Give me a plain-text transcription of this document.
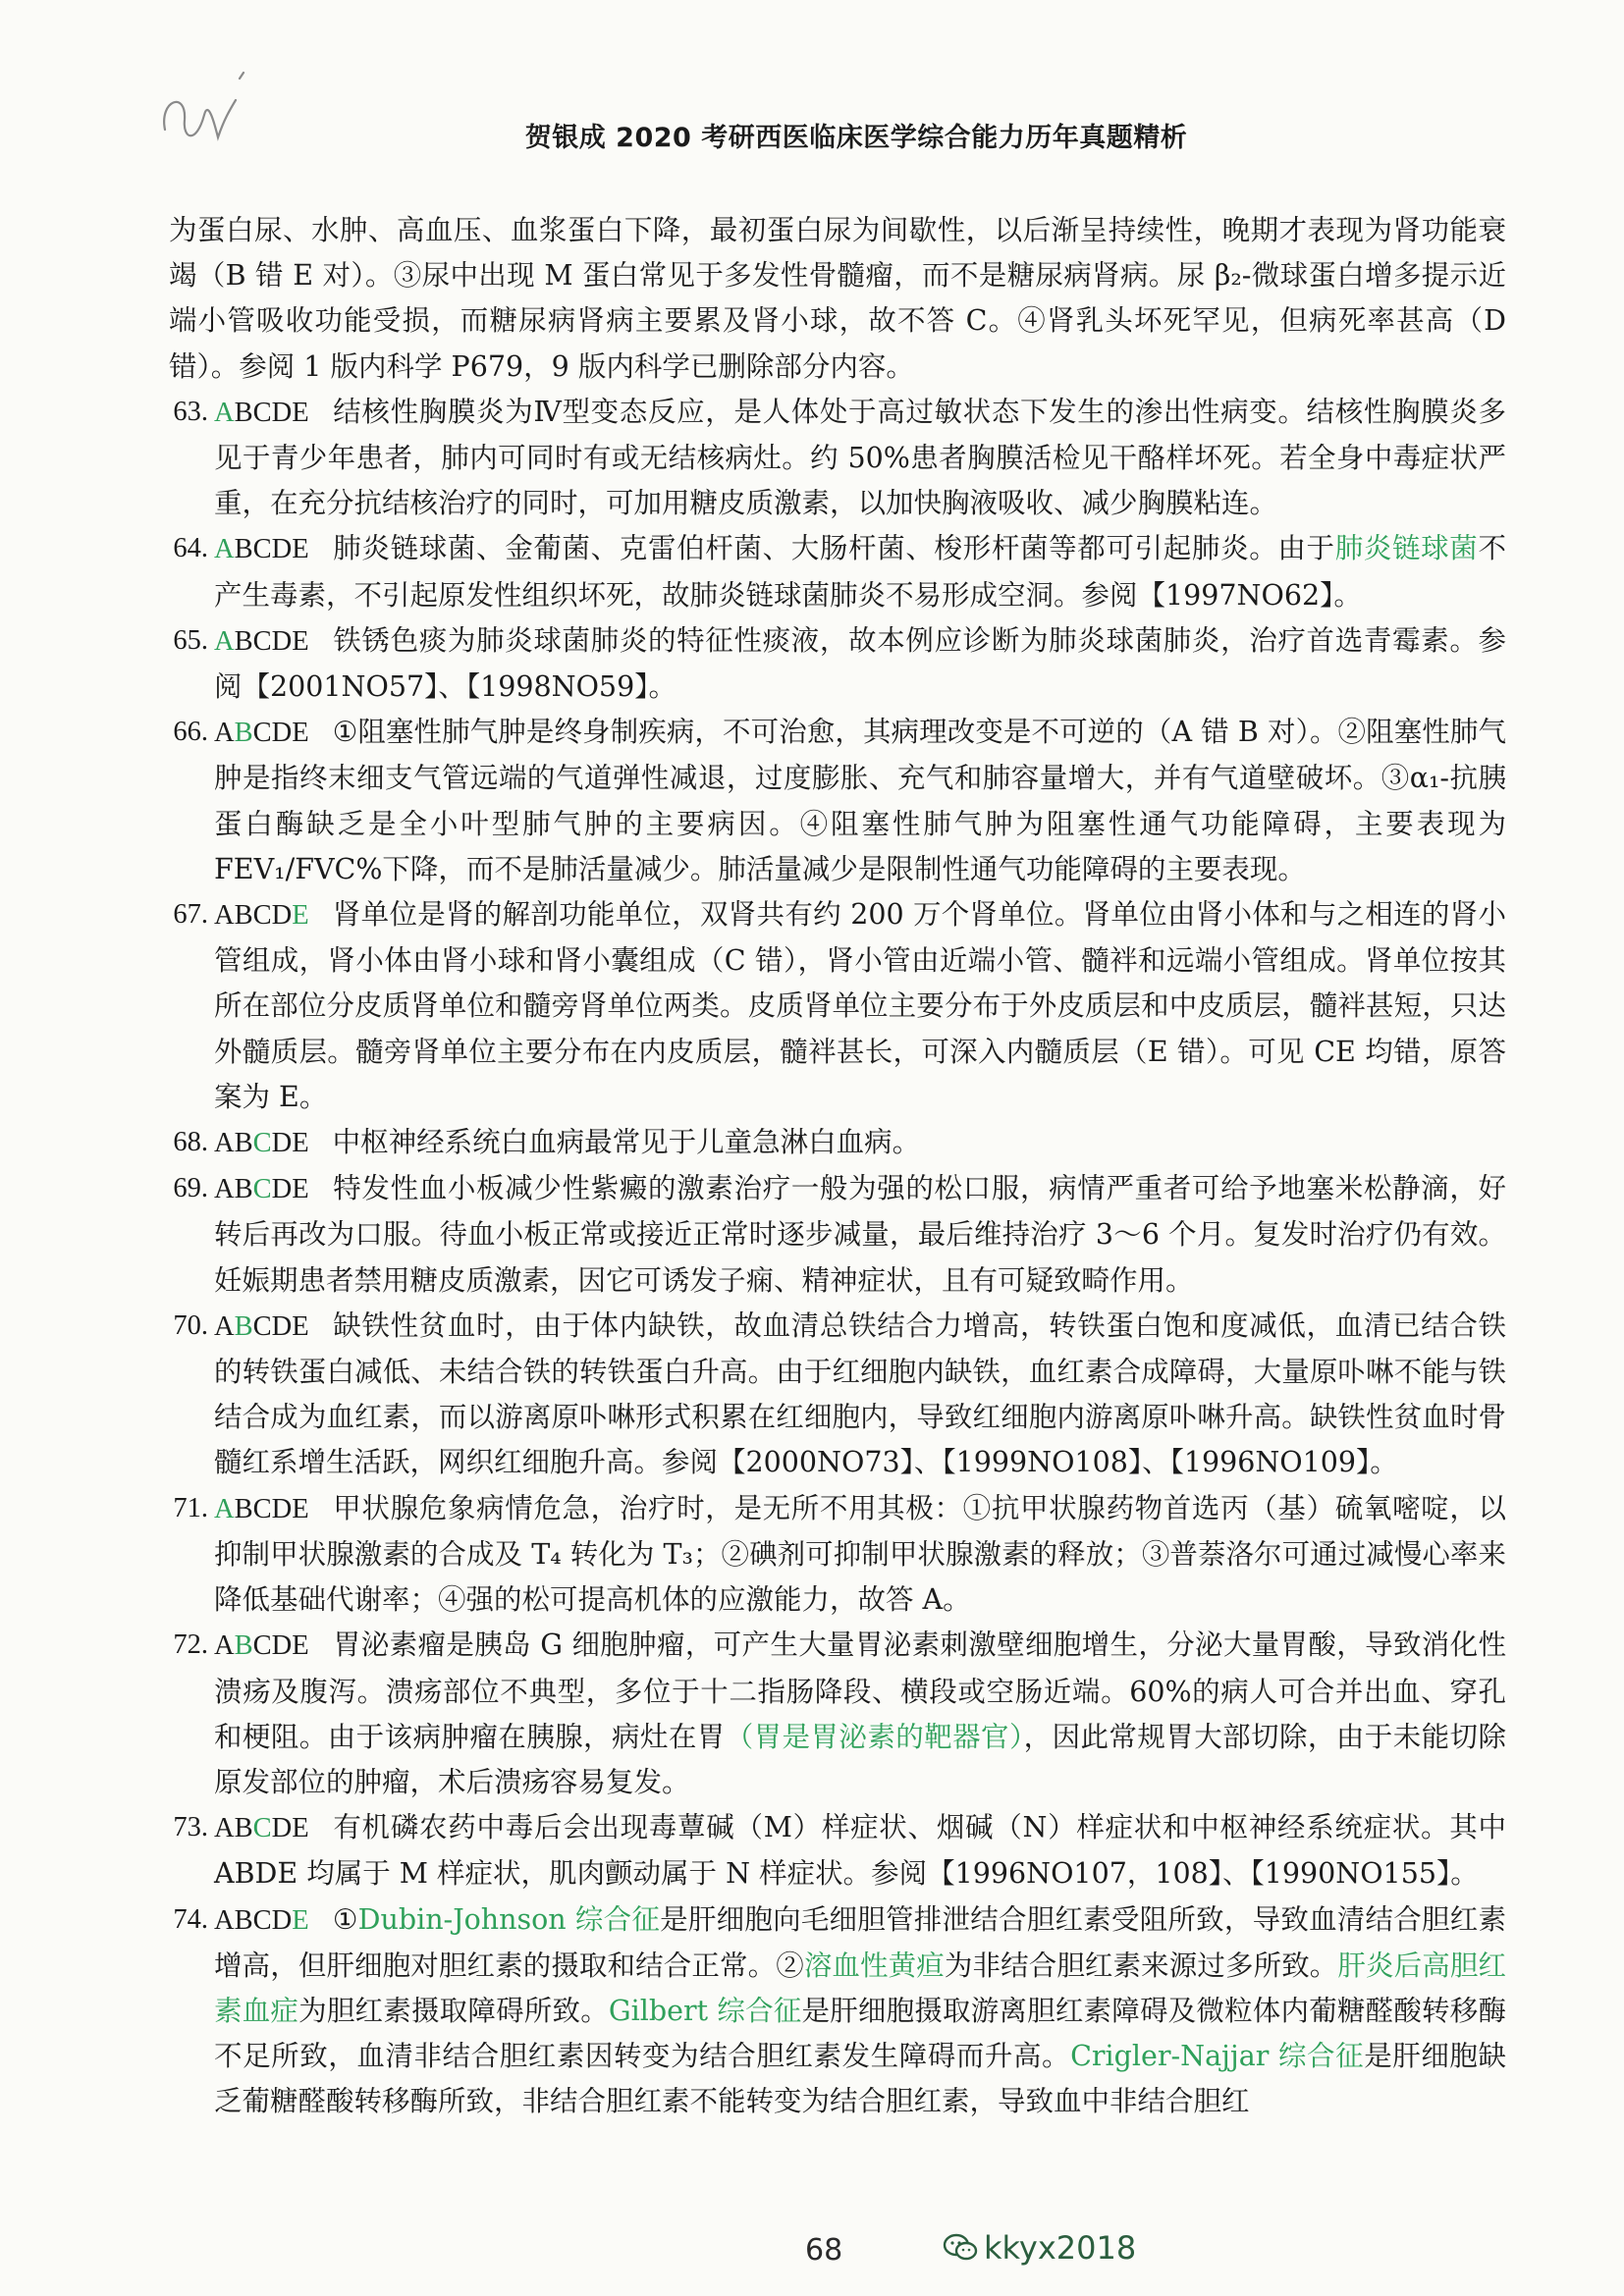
贺银成 2020 考研西医临床医学综合能力历年真题精析

为蛋白尿、水肿、高血压、血浆蛋白下降，最初蛋白尿为间歇性，以后渐呈持续性，晚期才表现为肾功能衰竭（B 错 E 对）。③尿中出现 M 蛋白常见于多发性骨髓瘤，而不是糖尿病肾病。尿 β₂-微球蛋白增多提示近端小管吸收功能受损，而糖尿病肾病主要累及肾小球，故不答 C。④肾乳头坏死罕见，但病死率甚高（D 错）。参阅 1 版内科学 P679，9 版内科学已删除部分内容。

63. ABCDE 结核性胸膜炎为Ⅳ型变态反应，是人体处于高过敏状态下发生的渗出性病变。结核性胸膜炎多见于青少年患者，肺内可同时有或无结核病灶。约 50%患者胸膜活检见干酪样坏死。若全身中毒症状严重，在充分抗结核治疗的同时，可加用糖皮质激素，以加快胸液吸收、减少胸膜粘连。

64. ABCDE 肺炎链球菌、金葡菌、克雷伯杆菌、大肠杆菌、梭形杆菌等都可引起肺炎。由于肺炎链球菌不产生毒素，不引起原发性组织坏死，故肺炎链球菌肺炎不易形成空洞。参阅【1997NO62】。

65. ABCDE 铁锈色痰为肺炎球菌肺炎的特征性痰液，故本例应诊断为肺炎球菌肺炎，治疗首选青霉素。参阅【2001NO57】、【1998NO59】。

66. ABCDE ①阻塞性肺气肿是终身制疾病，不可治愈，其病理改变是不可逆的（A 错 B 对）。②阻塞性肺气肿是指终末细支气管远端的气道弹性减退，过度膨胀、充气和肺容量增大，并有气道壁破坏。③α₁-抗胰蛋白酶缺乏是全小叶型肺气肿的主要病因。④阻塞性肺气肿为阻塞性通气功能障碍，主要表现为 FEV₁/FVC%下降，而不是肺活量减少。肺活量减少是限制性通气功能障碍的主要表现。

67. ABCDE 肾单位是肾的解剖功能单位，双肾共有约 200 万个肾单位。肾单位由肾小体和与之相连的肾小管组成，肾小体由肾小球和肾小囊组成（C 错），肾小管由近端小管、髓袢和远端小管组成。肾单位按其所在部位分皮质肾单位和髓旁肾单位两类。皮质肾单位主要分布于外皮质层和中皮质层，髓袢甚短，只达外髓质层。髓旁肾单位主要分布在内皮质层，髓袢甚长，可深入内髓质层（E 错）。可见 CE 均错，原答案为 E。

68. ABCDE 中枢神经系统白血病最常见于儿童急淋白血病。

69. ABCDE 特发性血小板减少性紫癜的激素治疗一般为强的松口服，病情严重者可给予地塞米松静滴，好转后再改为口服。待血小板正常或接近正常时逐步减量，最后维持治疗 3～6 个月。复发时治疗仍有效。妊娠期患者禁用糖皮质激素，因它可诱发子痫、精神症状，且有可疑致畸作用。

70. ABCDE 缺铁性贫血时，由于体内缺铁，故血清总铁结合力增高，转铁蛋白饱和度减低，血清已结合铁的转铁蛋白减低、未结合铁的转铁蛋白升高。由于红细胞内缺铁，血红素合成障碍，大量原卟啉不能与铁结合成为血红素，而以游离原卟啉形式积累在红细胞内，导致红细胞内游离原卟啉升高。缺铁性贫血时骨髓红系增生活跃，网织红细胞升高。参阅【2000NO73】、【1999NO108】、【1996NO109】。

71. ABCDE 甲状腺危象病情危急，治疗时，是无所不用其极：①抗甲状腺药物首选丙（基）硫氧嘧啶，以抑制甲状腺激素的合成及 T₄ 转化为 T₃；②碘剂可抑制甲状腺激素的释放；③普萘洛尔可通过减慢心率来降低基础代谢率；④强的松可提高机体的应激能力，故答 A。

72. ABCDE 胃泌素瘤是胰岛 G 细胞肿瘤，可产生大量胃泌素刺激壁细胞增生，分泌大量胃酸，导致消化性溃疡及腹泻。溃疡部位不典型，多位于十二指肠降段、横段或空肠近端。60%的病人可合并出血、穿孔和梗阻。由于该病肿瘤在胰腺，病灶在胃（胃是胃泌素的靶器官），因此常规胃大部切除，由于未能切除原发部位的肿瘤，术后溃疡容易复发。

73. ABCDE 有机磷农药中毒后会出现毒蕈碱（M）样症状、烟碱（N）样症状和中枢神经系统症状。其中 ABDE 均属于 M 样症状，肌肉颤动属于 N 样症状。参阅【1996NO107，108】、【1990NO155】。

74. ABCDE ①Dubin-Johnson 综合征是肝细胞向毛细胆管排泄结合胆红素受阻所致，导致血清结合胆红素增高，但肝细胞对胆红素的摄取和结合正常。②溶血性黄疸为非结合胆红素来源过多所致。肝炎后高胆红素血症为胆红素摄取障碍所致。Gilbert 综合征是肝细胞摄取游离胆红素障碍及微粒体内葡糖醛酸转移酶不足所致，血清非结合胆红素因转变为结合胆红素发生障碍而升高。Crigler-Najjar 综合征是肝细胞缺乏葡糖醛酸转移酶所致，非结合胆红素不能转变为结合胆红素，导致血中非结合胆红

68	kkyx2018
